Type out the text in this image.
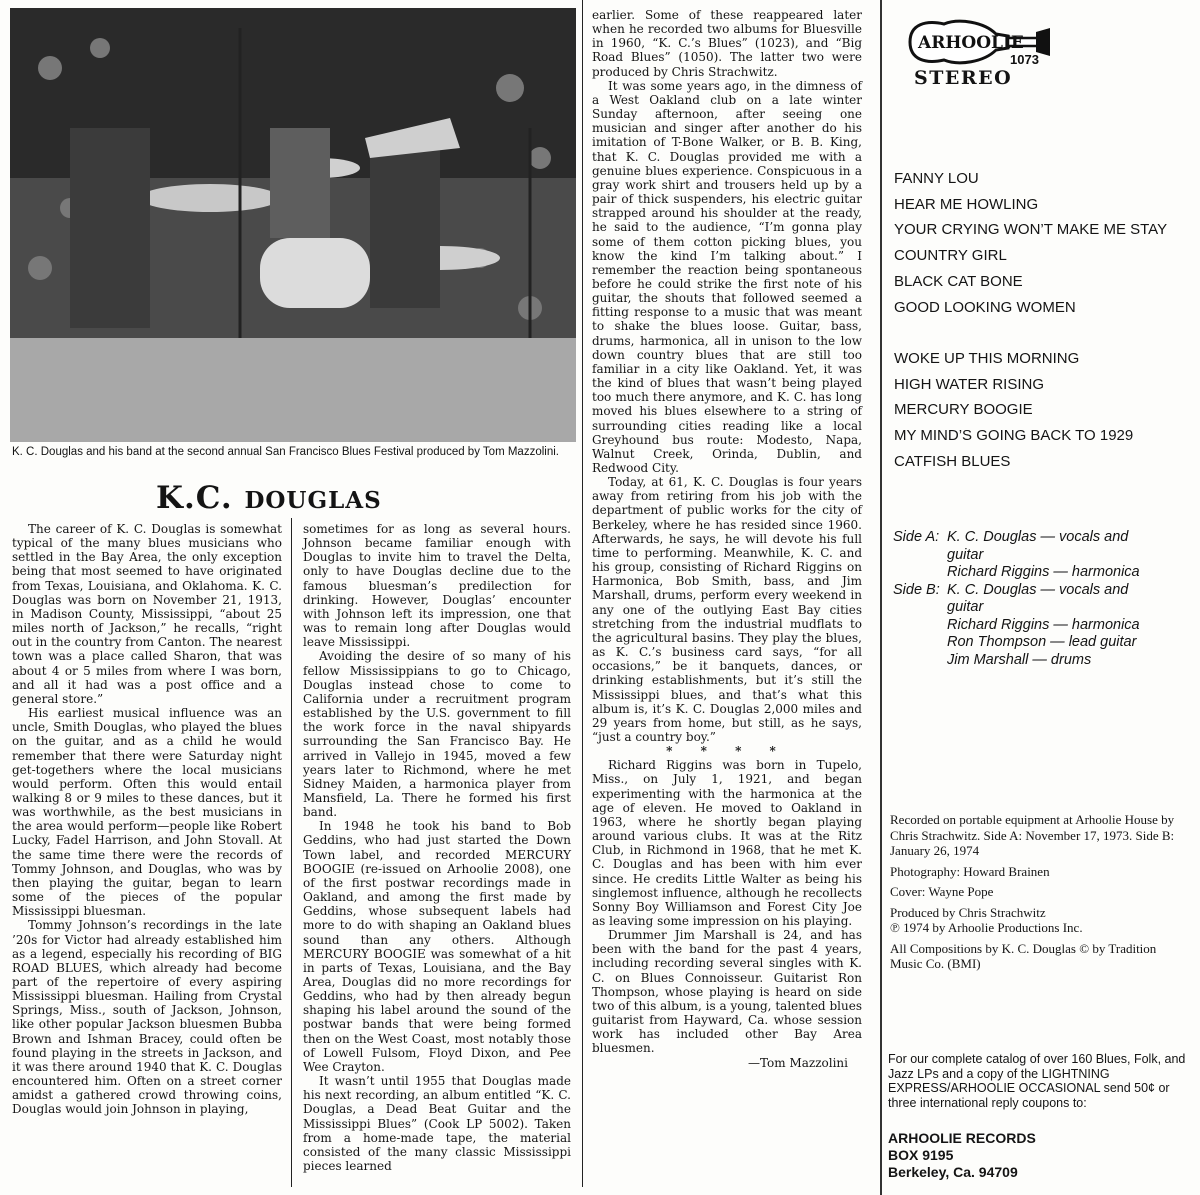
K. C. Douglas and his band at the second annual San Francisco Blues Festival produced by Tom Mazzolini.
K.C. DOUGLAS

The career of K. C. Douglas is somewhat typical of the many blues musicians who settled in the Bay Area, the only exception being that most seemed to have originated from Texas, Louisiana, and Oklahoma. K. C. Douglas was born on November 21, 1913, in Madison County, Mississippi, “about 25 miles north of Jackson,” he recalls, “right out in the country from Canton. The nearest town was a place called Sharon, that was about 4 or 5 miles from where I was born, and all it had was a post office and a general store.”

His earliest musical influence was an uncle, Smith Douglas, who played the blues on the guitar, and as a child he would remember that there were Saturday night get-togethers where the local musicians would perform. Often this would entail walking 8 or 9 miles to these dances, but it was worthwhile, as the best musicians in the area would perform—people like Robert Lucky, Fadel Harrison, and John Stovall. At the same time there were the records of Tommy Johnson, and Douglas, who was by then playing the guitar, began to learn some of the pieces of the popular Mississippi bluesman.

Tommy Johnson’s recordings in the late ’20s for Victor had already established him as a legend, especially his recording of BIG ROAD BLUES, which already had become part of the repertoire of every aspiring Mississippi bluesman. Hailing from Crystal Springs, Miss., south of Jackson, Johnson, like other popular Jackson bluesmen Bubba Brown and Ishman Bracey, could often be found playing in the streets in Jackson, and it was there around 1940 that K. C. Douglas encountered him. Often on a street corner amidst a gathered crowd throwing coins, Douglas would join Johnson in playing,

sometimes for as long as several hours. Johnson became familiar enough with Douglas to invite him to travel the Delta, only to have Douglas decline due to the famous bluesman’s predilection for drinking. However, Douglas’ encounter with Johnson left its impression, one that was to remain long after Douglas would leave Mississippi.

Avoiding the desire of so many of his fellow Mississippians to go to Chicago, Douglas instead chose to come to California under a recruitment program established by the U.S. government to fill the work force in the naval shipyards surrounding the San Francisco Bay. He arrived in Vallejo in 1945, moved a few years later to Richmond, where he met Sidney Maiden, a harmonica player from Mansfield, La. There he formed his first band.

In 1948 he took his band to Bob Geddins, who had just started the Down Town label, and recorded MERCURY BOOGIE (re-issued on Arhoolie 2008), one of the first postwar recordings made in Oakland, and among the first made by Geddins, whose subsequent labels had more to do with shaping an Oakland blues sound than any others. Although MERCURY BOOGIE was somewhat of a hit in parts of Texas, Louisiana, and the Bay Area, Douglas did no more recordings for Geddins, who had by then already begun shaping his label around the sound of the postwar bands that were being formed then on the West Coast, most notably those of Lowell Fulsom, Floyd Dixon, and Pee Wee Crayton.

It wasn’t until 1955 that Douglas made his next recording, an album entitled “K. C. Douglas, a Dead Beat Guitar and the Mississippi Blues” (Cook LP 5002). Taken from a home-made tape, the material consisted of the many classic Mississippi pieces learned

earlier. Some of these reappeared later when he recorded two albums for Bluesville in 1960, “K. C.’s Blues” (1023), and “Big Road Blues” (1050). The latter two were produced by Chris Strachwitz.

It was some years ago, in the dimness of a West Oakland club on a late winter Sunday afternoon, after seeing one musician and singer after another do his imitation of T-Bone Walker, or B. B. King, that K. C. Douglas provided me with a genuine blues experience. Conspicuous in a gray work shirt and trousers held up by a pair of thick suspenders, his electric guitar strapped around his shoulder at the ready, he said to the audience, “I’m gonna play some of them cotton picking blues, you know the kind I’m talking about.” I remember the reaction being spontaneous before he could strike the first note of his guitar, the shouts that followed seemed a fitting response to a music that was meant to shake the blues loose. Guitar, bass, drums, harmonica, all in unison to the low down country blues that are still too familiar in a city like Oakland. Yet, it was the kind of blues that wasn’t being played too much there anymore, and K. C. has long moved his blues elsewhere to a string of surrounding cities reading like a local Greyhound bus route: Modesto, Napa, Walnut Creek, Orinda, Dublin, and Redwood City.

Today, at 61, K. C. Douglas is four years away from retiring from his job with the department of public works for the city of Berkeley, where he has resided since 1960. Afterwards, he says, he will devote his full time to performing. Meanwhile, K. C. and his group, consisting of Richard Riggins on Harmonica, Bob Smith, bass, and Jim Marshall, drums, perform every weekend in any one of the outlying East Bay cities stretching from the industrial mudflats to the agricultural basins. They play the blues, as K. C.’s business card says, “for all occasions,” be it banquets, dances, or drinking establishments, but it’s still the Mississippi blues, and that’s what this album is, it’s K. C. Douglas 2,000 miles and 29 years from home, but still, as he says, “just a country boy.”

* * * *

Richard Riggins was born in Tupelo, Miss., on July 1, 1921, and began experimenting with the harmonica at the age of eleven. He moved to Oakland in 1963, where he shortly began playing around various clubs. It was at the Ritz Club, in Richmond in 1968, that he met K. C. Douglas and has been with him ever since. He credits Little Walter as being his singlemost influence, although he recollects Sonny Boy Williamson and Forest City Joe as leaving some impression on his playing.

Drummer Jim Marshall is 24, and has been with the band for the past 4 years, including recording several singles with K. C. on Blues Connoisseur. Guitarist Ron Thompson, whose playing is heard on side two of this album, is a young, talented blues guitarist from Hayward, Ca. whose session work has included other Bay Area bluesmen.

—Tom Mazzolini

ARHOOLIE
1073
STEREO
FANNY LOU
HEAR ME HOWLING
YOUR CRYING WON’T MAKE ME STAY
COUNTRY GIRL
BLACK CAT BONE
GOOD LOOKING WOMEN
WOKE UP THIS MORNING
HIGH WATER RISING
MERCURY BOOGIE
MY MIND’S GOING BACK TO 1929
CATFISH BLUES
Side A: K. C. Douglas — vocals and
guitar
Richard Riggins — harmonica
Side B: K. C. Douglas — vocals and
guitar
Richard Riggins — harmonica
Ron Thompson — lead guitar
Jim Marshall — drums

Recorded on portable equipment at Arhoolie House by Chris Strachwitz. Side A: November 17, 1973. Side B: January 26, 1974

Photography: Howard Brainen

Cover: Wayne Pope

Produced by Chris Strachwitz

℗ 1974 by Arhoolie Productions Inc.

All Compositions by K. C. Douglas © by Tradition Music Co. (BMI)

For our complete catalog of over 160 Blues, Folk, and Jazz LPs and a copy of the LIGHTNING EXPRESS/ARHOOLIE OCCASIONAL send 50¢ or three international reply coupons to:
ARHOOLIE RECORDS
BOX 9195
Berkeley, Ca. 94709
